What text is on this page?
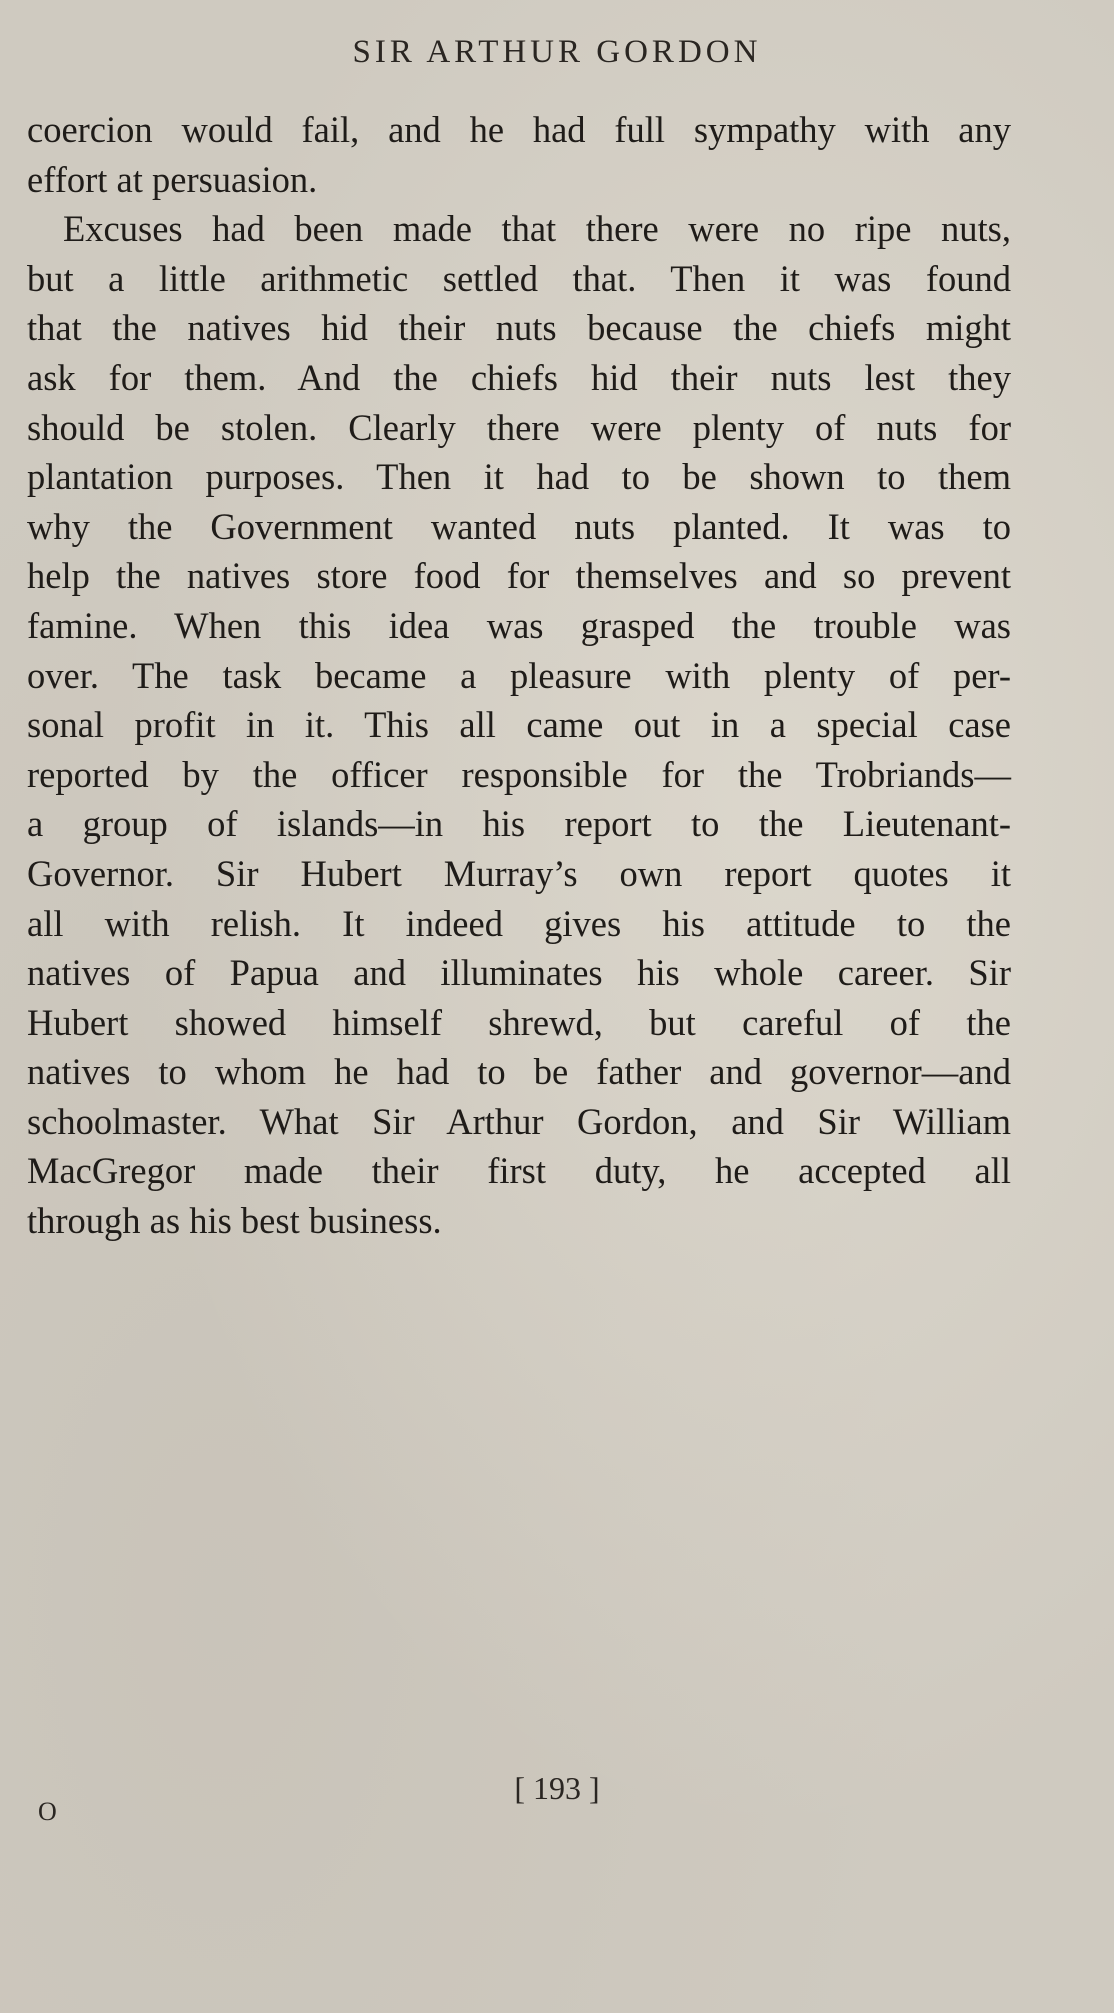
SIR ARTHUR GORDON
coercion would fail, and he had full sympathy with any
effort at persuasion.
Excuses had been made that there were no ripe nuts,
but a little arithmetic settled that. Then it was found
that the natives hid their nuts because the chiefs might
ask for them. And the chiefs hid their nuts lest they
should be stolen. Clearly there were plenty of nuts for
plantation purposes. Then it had to be shown to them
why the Government wanted nuts planted. It was to
help the natives store food for themselves and so prevent
famine. When this idea was grasped the trouble was
over. The task became a pleasure with plenty of per-
sonal profit in it. This all came out in a special case
reported by the officer responsible for the Trobriands—
a group of islands—in his report to the Lieutenant-
Governor. Sir Hubert Murray’s own report quotes it
all with relish. It indeed gives his attitude to the
natives of Papua and illuminates his whole career. Sir
Hubert showed himself shrewd, but careful of the
natives to whom he had to be father and governor—and
schoolmaster. What Sir Arthur Gordon, and Sir William
MacGregor made their first duty, he accepted all
through as his best business.
[ 193 ]
O
